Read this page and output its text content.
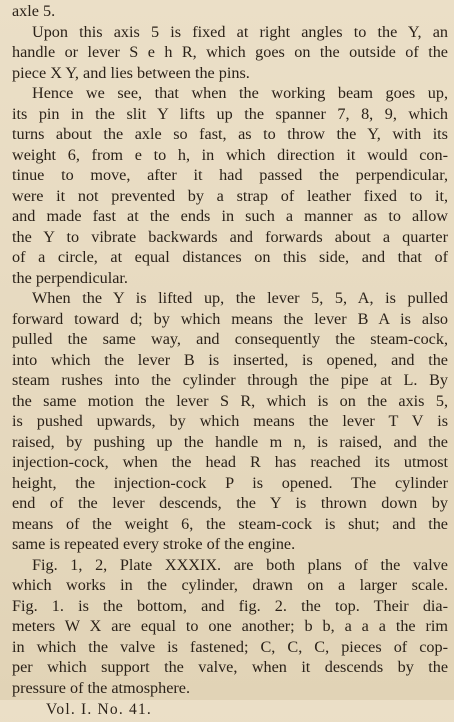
axle 5.
Upon this axis 5 is fixed at right angles to the Y, an
handle or lever S e h R, which goes on the outside of the
piece X Y, and lies between the pins.
Hence we see, that when the working beam goes up,
its pin in the slit Y lifts up the spanner 7, 8, 9, which
turns about the axle so fast, as to throw the Y, with its
weight 6, from e to h, in which direction it would con-
tinue to move, after it had passed the perpendicular,
were it not prevented by a strap of leather fixed to it,
and made fast at the ends in such a manner as to allow
the Y to vibrate backwards and forwards about a quarter
of a circle, at equal distances on this side, and that of
the perpendicular.
When the Y is lifted up, the lever 5, 5, A, is pulled
forward toward d; by which means the lever B A is also
pulled the same way, and consequently the steam-cock,
into which the lever B is inserted, is opened, and the
steam rushes into the cylinder through the pipe at L. By
the same motion the lever S R, which is on the axis 5,
is pushed upwards, by which means the lever T V is
raised, by pushing up the handle m n, is raised, and the
injection-cock, when the head R has reached its utmost
height, the injection-cock P is opened. The cylinder
end of the lever descends, the Y is thrown down by
means of the weight 6, the steam-cock is shut; and the
same is repeated every stroke of the engine.
Fig. 1, 2, Plate XXXIX. are both plans of the valve
which works in the cylinder, drawn on a larger scale.
Fig. 1. is the bottom, and fig. 2. the top. Their dia-
meters W X are equal to one another; b b, a a a the rim
in which the valve is fastened; C, C, C, pieces of cop-
per which support the valve, when it descends by the
pressure of the atmosphere.
Vol. I. No. 41.
